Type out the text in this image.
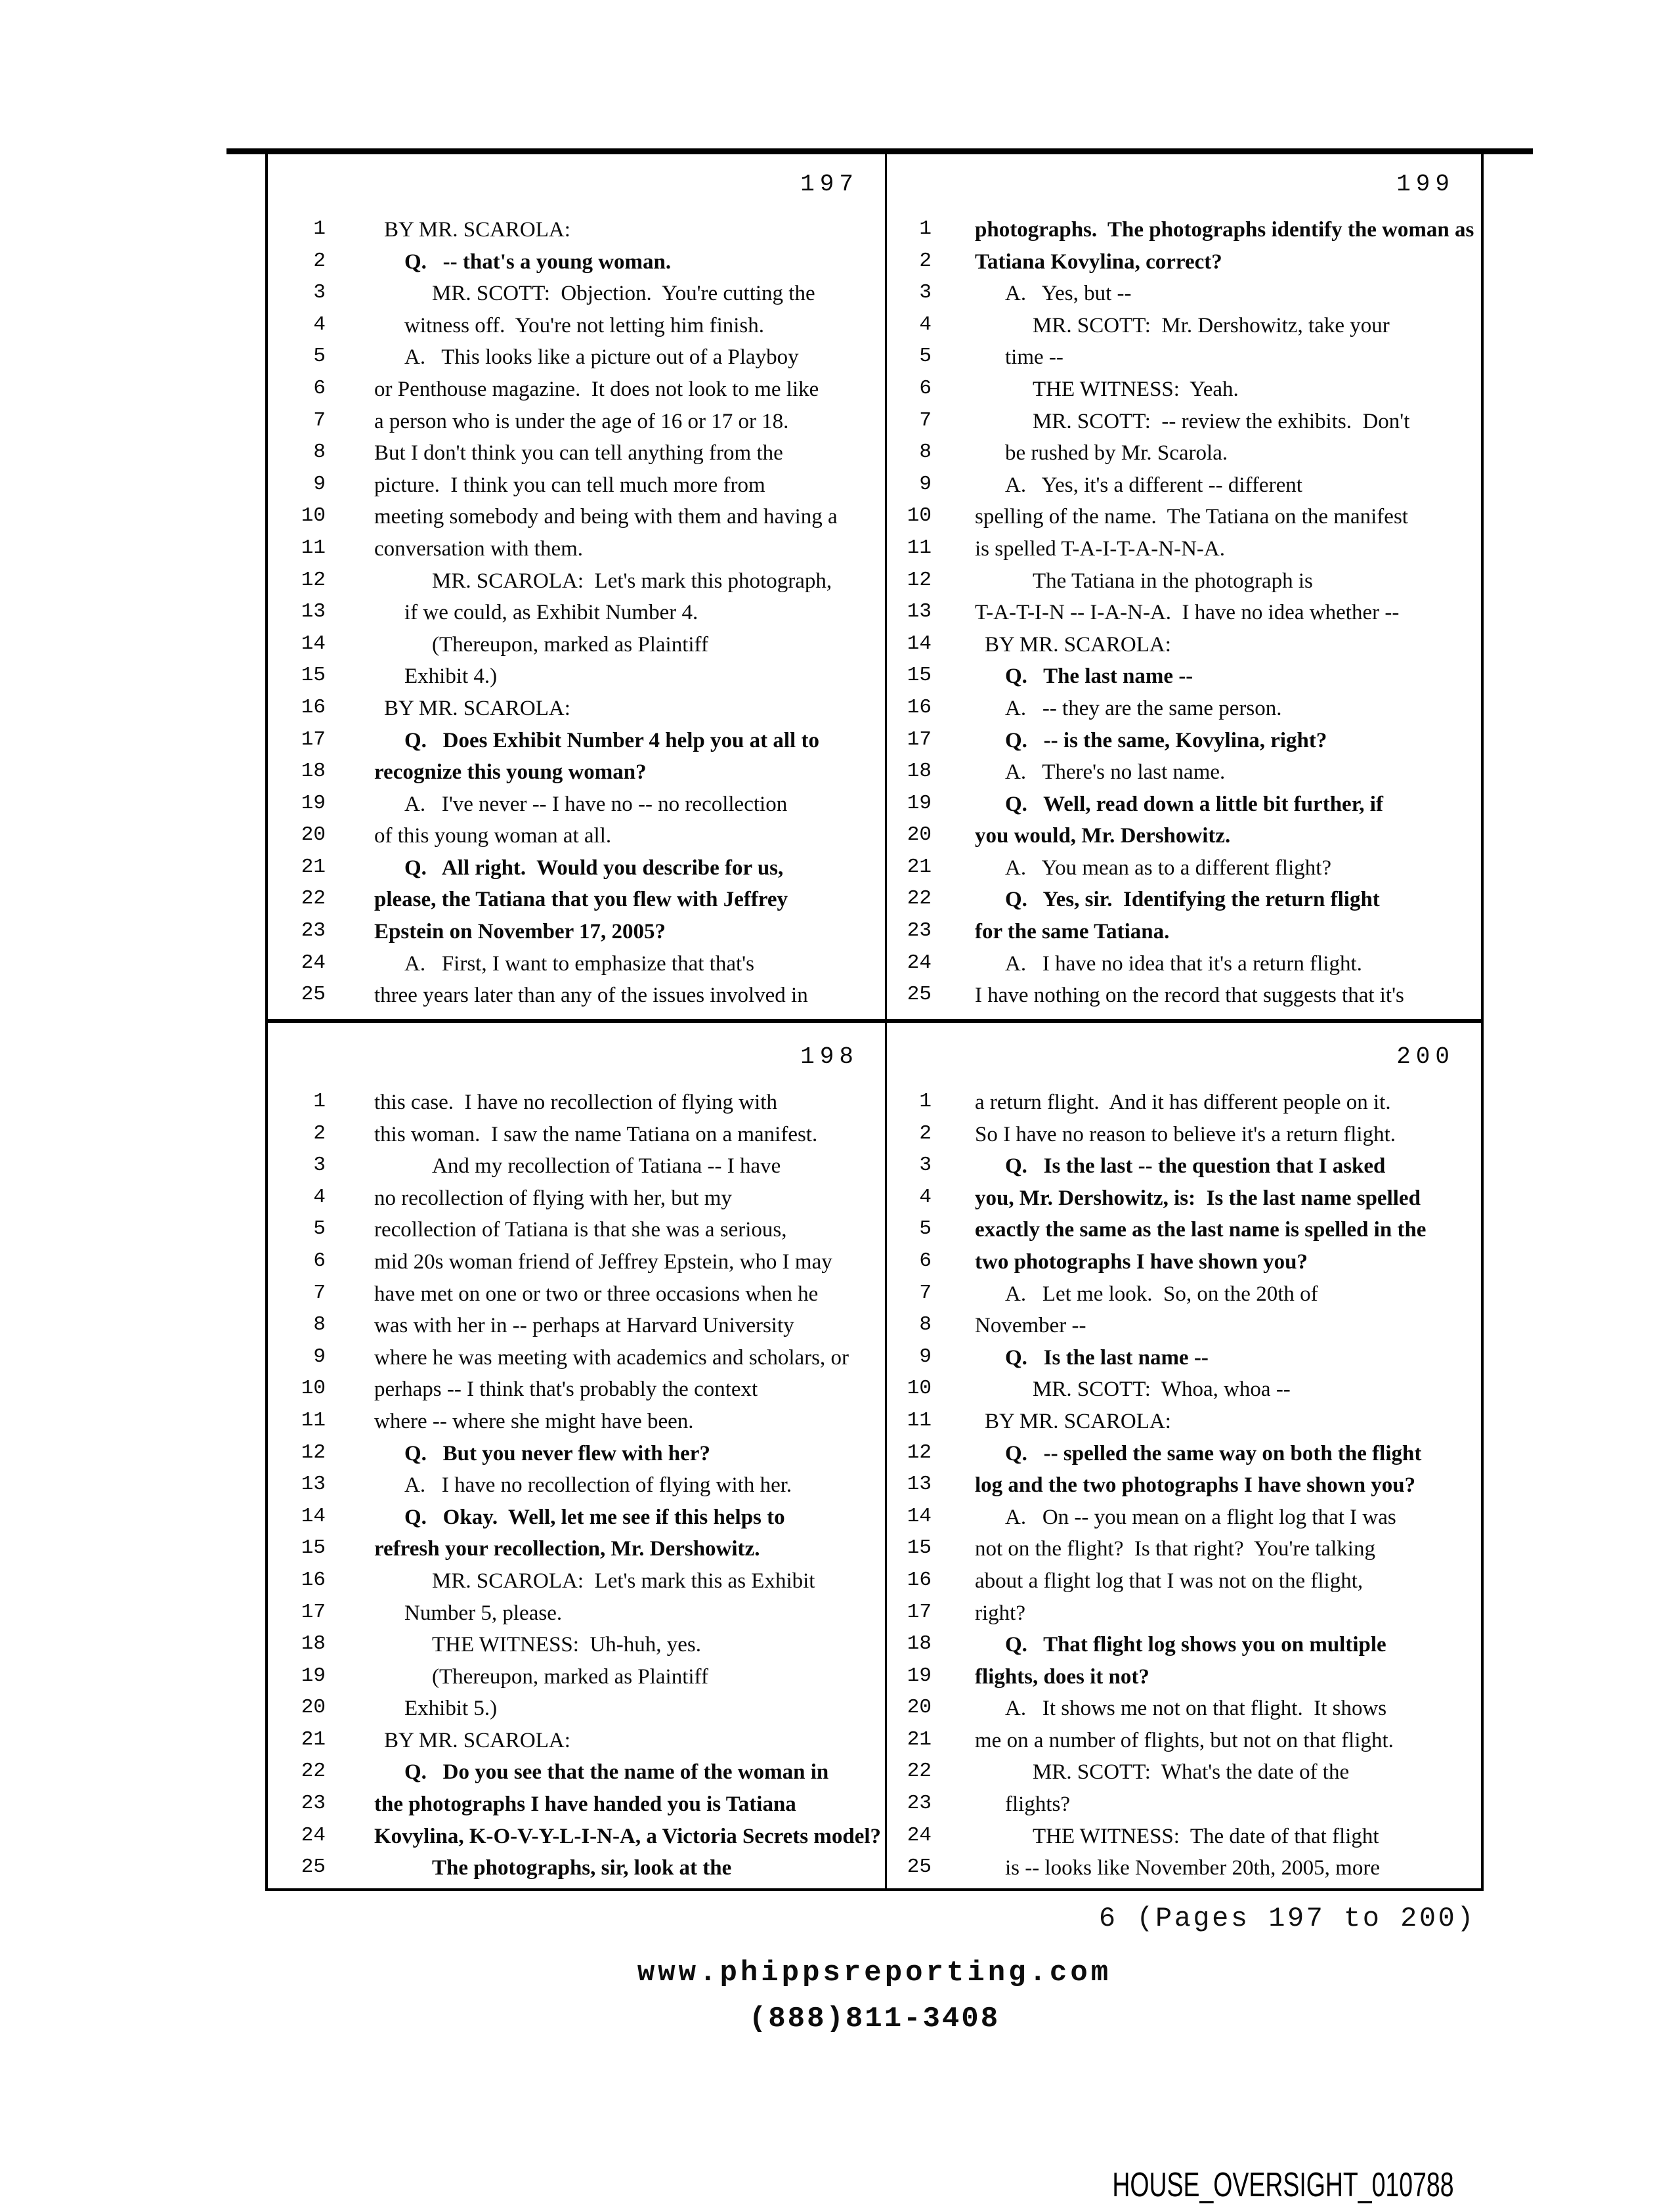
197
1	BY MR. SCAROLA:
2	Q.   -- that's a young woman.
3	MR. SCOTT:  Objection.  You're cutting the
4	witness off.  You're not letting him finish.
5	A.   This looks like a picture out of a Playboy
6 or Penthouse magazine.  It does not look to me like
7 a person who is under the age of 16 or 17 or 18.
8 But I don't think you can tell anything from the
9 picture.  I think you can tell much more from
10 meeting somebody and being with them and having a
11 conversation with them.
12	MR. SCAROLA:  Let's mark this photograph,
13	if we could, as Exhibit Number 4.
14	(Thereupon, marked as Plaintiff
15	Exhibit 4.)
16	BY MR. SCAROLA:
17	Q.   Does Exhibit Number 4 help you at all to
18 recognize this young woman?
19	A.   I've never -- I have no -- no recollection
20 of this young woman at all.
21	Q.   All right.  Would you describe for us,
22 please, the Tatiana that you flew with Jeffrey
23 Epstein on November 17, 2005?
24	A.   First, I want to emphasize that that's
25 three years later than any of the issues involved in
199
1 photographs.  The photographs identify the woman as
2 Tatiana Kovylina, correct?
3	A.   Yes, but --
4	MR. SCOTT:  Mr. Dershowitz, take your
5	time --
6	THE WITNESS:  Yeah.
7	MR. SCOTT:  -- review the exhibits.  Don't
8	be rushed by Mr. Scarola.
9	A.   Yes, it's a different -- different
10 spelling of the name.  The Tatiana on the manifest
11 is spelled T-A-I-T-A-N-N-A.
12	The Tatiana in the photograph is
13 T-A-T-I-N -- I-A-N-A.  I have no idea whether --
14	BY MR. SCAROLA:
15	Q.   The last name --
16	A.   -- they are the same person.
17	Q.   -- is the same, Kovylina, right?
18	A.   There's no last name.
19	Q.   Well, read down a little bit further, if
20 you would, Mr. Dershowitz.
21	A.   You mean as to a different flight?
22	Q.   Yes, sir.  Identifying the return flight
23 for the same Tatiana.
24	A.   I have no idea that it's a return flight.
25 I have nothing on the record that suggests that it's
198
1 this case.  I have no recollection of flying with
2 this woman.  I saw the name Tatiana on a manifest.
3	And my recollection of Tatiana -- I have
4 no recollection of flying with her, but my
5 recollection of Tatiana is that she was a serious,
6 mid 20s woman friend of Jeffrey Epstein, who I may
7 have met on one or two or three occasions when he
8 was with her in -- perhaps at Harvard University
9 where he was meeting with academics and scholars, or
10 perhaps -- I think that's probably the context
11 where -- where she might have been.
12	Q.   But you never flew with her?
13	A.   I have no recollection of flying with her.
14	Q.   Okay.  Well, let me see if this helps to
15 refresh your recollection, Mr. Dershowitz.
16	MR. SCAROLA:  Let's mark this as Exhibit
17	Number 5, please.
18	THE WITNESS:  Uh-huh, yes.
19	(Thereupon, marked as Plaintiff
20	Exhibit 5.)
21	BY MR. SCAROLA:
22	Q.   Do you see that the name of the woman in
23 the photographs I have handed you is Tatiana
24 Kovylina, K-O-V-Y-L-I-N-A, a Victoria Secrets model?
25	The photographs, sir, look at the
200
1 a return flight.  And it has different people on it.
2 So I have no reason to believe it's a return flight.
3	Q.   Is the last -- the question that I asked
4 you, Mr. Dershowitz, is:  Is the last name spelled
5 exactly the same as the last name is spelled in the
6 two photographs I have shown you?
7	A.   Let me look.  So, on the 20th of
8 November --
9	Q.   Is the last name --
10	MR. SCOTT:  Whoa, whoa --
11	BY MR. SCAROLA:
12	Q.   -- spelled the same way on both the flight
13 log and the two photographs I have shown you?
14	A.   On -- you mean on a flight log that I was
15 not on the flight?  Is that right?  You're talking
16 about a flight log that I was not on the flight,
17 right?
18	Q.   That flight log shows you on multiple
19 flights, does it not?
20	A.   It shows me not on that flight.  It shows
21 me on a number of flights, but not on that flight.
22	MR. SCOTT:  What's the date of the
23	flights?
24	THE WITNESS:  The date of that flight
25	is -- looks like November 20th, 2005, more
6 (Pages 197 to 200)
www.phippsreporting.com
(888)811-3408
HOUSE_OVERSIGHT_010788
